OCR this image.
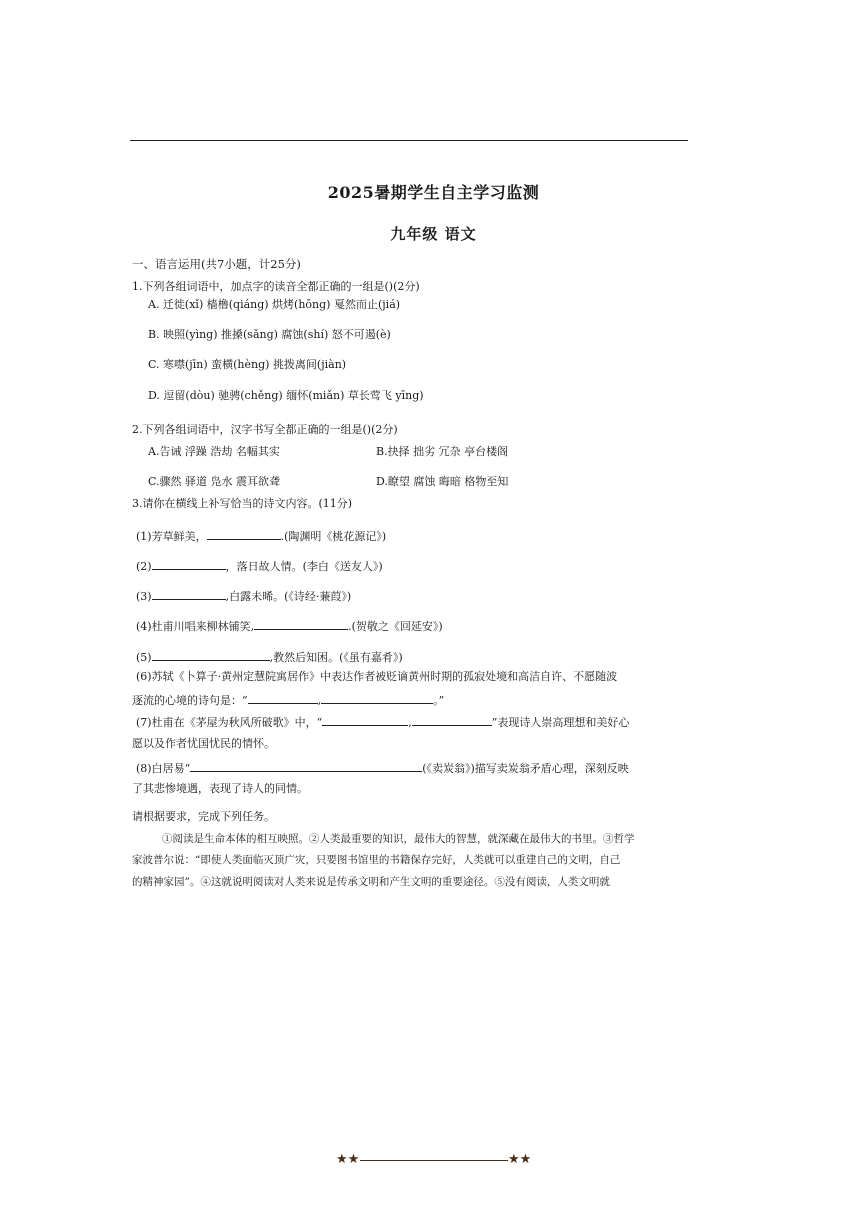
2025暑期学生自主学习监测
九年级 语文
一、语言运用(共7小题，计25分)
1.下列各组词语中，加点字的读音全都正确的一组是()(2分)
A. 迁徙(xǐ) 樯橹(qiáng) 烘烤(hōng) 戛然而止(jiá)
B. 映照(yìng) 推搡(sǎng) 腐蚀(shí) 怒不可遏(è)
C. 寒噤(jīn) 蛮横(hèng) 挑拨离间(jiàn)
D. 逗留(dòu) 驰骋(chěng) 缅怀(miǎn) 草长莺飞 yīng)
2.下列各组词语中，汉字书写全都正确的一组是()(2分)
A.告诫 浮躁 浩劫 名幅其实	B.抉择 拙劣 冗杂 亭台楼阁
C.骤然 驿道 凫水 震耳欲聋	D.瞭望 腐蚀 晦暗 格物至知
3.请你在横线上补写恰当的诗文内容。(11分)
(1)芳草鲜美，	.(陶渊明《桃花源记》)
(2)	，落日故人情。(李白《送友人》)
(3)	,白露未晞。(《诗经·蒹葭》)
(4)杜甫川唱来柳林铺笑,	.(贺敬之《回延安》)
(5)	,教然后知困。(《虽有嘉肴》)
(6)苏轼《卜算子·黄州定慧院寓居作》中表达作者被贬谪黄州时期的孤寂处境和高洁自许、不愿随波
逐流的心境的诗句是：“	,	。”
(7)杜甫在《茅屋为秋风所破歌》中，“	,	”表现诗人崇高理想和美好心
愿以及作者忧国忧民的情怀。
(8)白居易“	(《卖炭翁》)描写卖炭翁矛盾心理，深刻反映
了其悲惨境遇，表现了诗人的同情。
请根据要求，完成下列任务。
①阅读是生命本体的相互映照。②人类最重要的知识，最伟大的智慧，就深藏在最伟大的书里。③哲学
家波普尔说：“即使人类面临灭顶广灾，只要图书馆里的书籍保存完好，人类就可以重建自己的文明，自己
的精神家园”。④这就说明阅读对人类来说是传承文明和产生文明的重要途径。⑤没有阅读，人类文明就
★★	★★
